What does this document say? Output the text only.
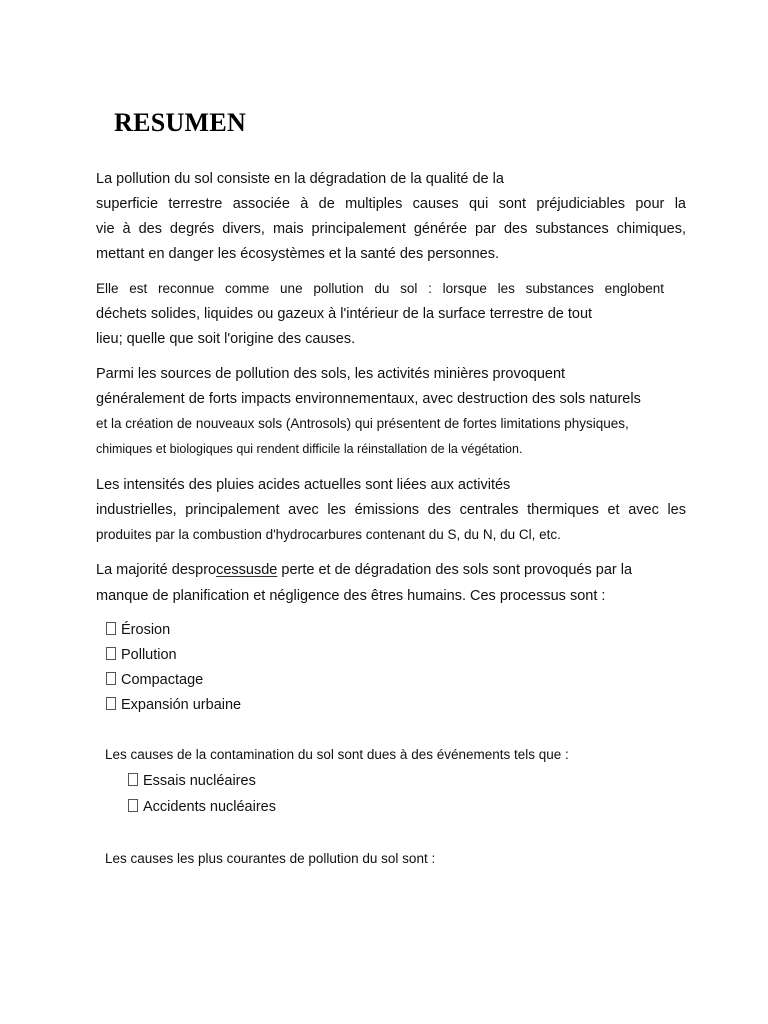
RESUMEN
La pollution du sol consiste en la dégradation de la qualité de la
superficie terrestre associée à de multiples causes qui sont préjudiciables pour la
vie à des degrés divers, mais principalement générée par des substances chimiques,
mettant en danger les écosystèmes et la santé des personnes.
Elle est reconnue comme une pollution du sol : lorsque les substances englobent
déchets solides, liquides ou gazeux à l'intérieur de la surface terrestre de tout
lieu; quelle que soit l'origine des causes.
Parmi les sources de pollution des sols, les activités minières provoquent
généralement de forts impacts environnementaux, avec destruction des sols naturels
et la création de nouveaux sols (Antrosols) qui présentent de fortes limitations physiques,
chimiques et biologiques qui rendent difficile la réinstallation de la végétation.
Les intensités des pluies acides actuelles sont liées aux activités
industrielles, principalement avec les émissions des centrales thermiques et avec les
produites par la combustion d'hydrocarbures contenant du S, du N, du Cl, etc.
La majorité desprocessusde perte et de dégradation des sols sont provoqués par la
manque de planification et négligence des êtres humains. Ces processus sont :
Érosion
Pollution
Compactage
Expansión urbaine
Les causes de la contamination du sol sont dues à des événements tels que :
Essais nucléaires
Accidents nucléaires
Les causes les plus courantes de pollution du sol sont :
